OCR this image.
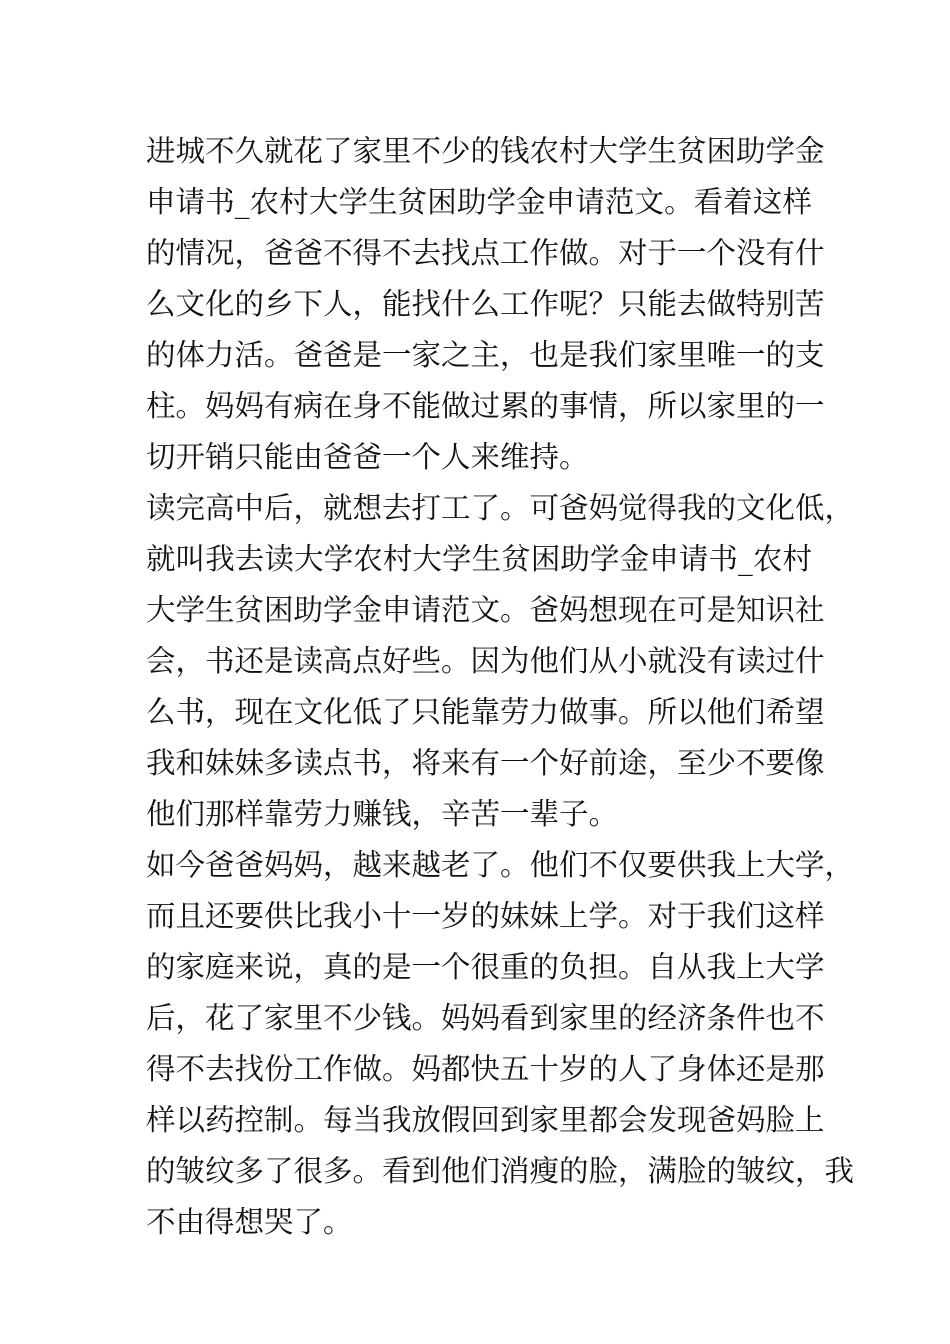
进城不久就花了家里不少的钱农村大学生贫困助学金
申请书_农村大学生贫困助学金申请范文。看着这样
的情况，爸爸不得不去找点工作做。对于一个没有什
么文化的乡下人，能找什么工作呢？只能去做特别苦
的体力活。爸爸是一家之主，也是我们家里唯一的支
柱。妈妈有病在身不能做过累的事情，所以家里的一
切开销只能由爸爸一个人来维持。

读完高中后，就想去打工了。可爸妈觉得我的文化低，
就叫我去读大学农村大学生贫困助学金申请书_农村
大学生贫困助学金申请范文。爸妈想现在可是知识社
会，书还是读高点好些。因为他们从小就没有读过什
么书，现在文化低了只能靠劳力做事。所以他们希望
我和妹妹多读点书，将来有一个好前途，至少不要像
他们那样靠劳力赚钱，辛苦一辈子。

如今爸爸妈妈，越来越老了。他们不仅要供我上大学，
而且还要供比我小十一岁的妹妹上学。对于我们这样
的家庭来说，真的是一个很重的负担。自从我上大学
后，花了家里不少钱。妈妈看到家里的经济条件也不
得不去找份工作做。妈都快五十岁的人了身体还是那
样以药控制。每当我放假回到家里都会发现爸妈脸上
的皱纹多了很多。看到他们消瘦的脸，满脸的皱纹，我
不由得想哭了。
